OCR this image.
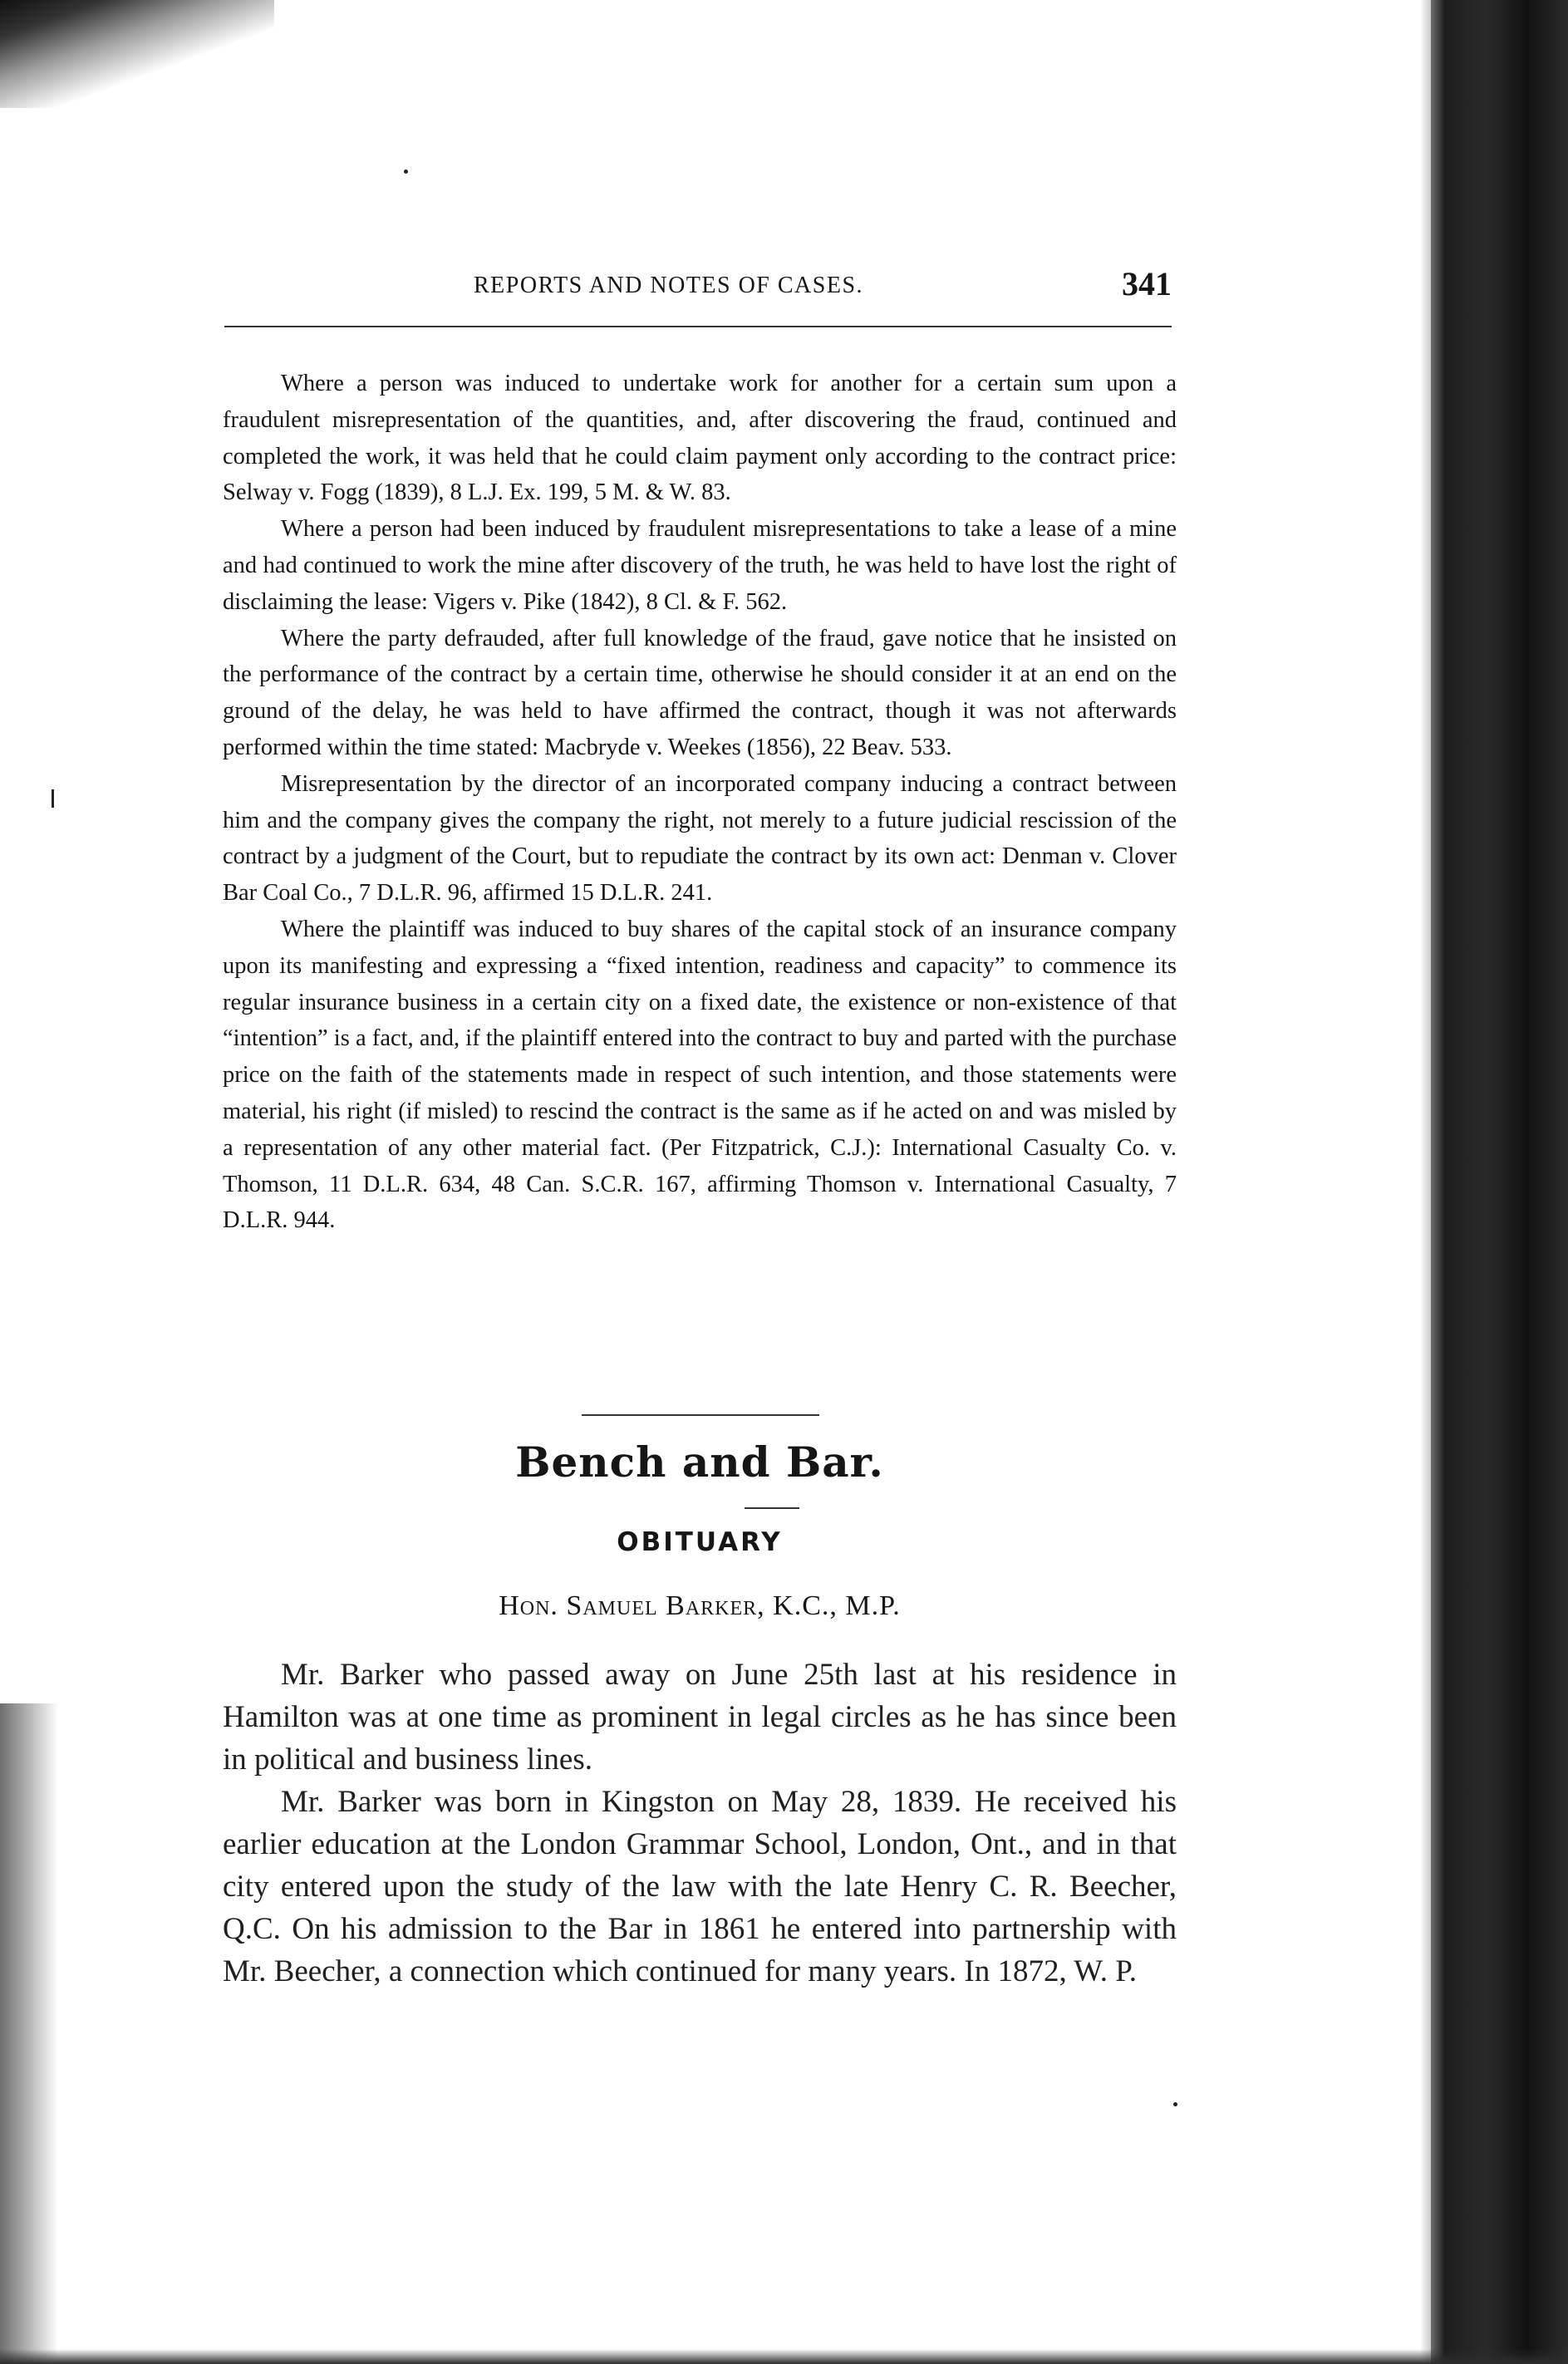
REPORTS AND NOTES OF CASES.	341

Where a person was induced to undertake work for another for a certain sum upon a fraudulent misrepresentation of the quantities, and, after discovering the fraud, continued and completed the work, it was held that he could claim payment only according to the contract price: Selway v. Fogg (1839), 8 L.J. Ex. 199, 5 M. & W. 83.

Where a person had been induced by fraudulent misrepresentations to take a lease of a mine and had continued to work the mine after discovery of the truth, he was held to have lost the right of disclaiming the lease: Vigers v. Pike (1842), 8 Cl. & F. 562.

Where the party defrauded, after full knowledge of the fraud, gave notice that he insisted on the performance of the contract by a certain time, otherwise he should consider it at an end on the ground of the delay, he was held to have affirmed the contract, though it was not afterwards performed within the time stated: Macbryde v. Weekes (1856), 22 Beav. 533.

Misrepresentation by the director of an incorporated company inducing a contract between him and the company gives the company the right, not merely to a future judicial rescission of the contract by a judgment of the Court, but to repudiate the contract by its own act: Denman v. Clover Bar Coal Co., 7 D.L.R. 96, affirmed 15 D.L.R. 241.

Where the plaintiff was induced to buy shares of the capital stock of an insurance company upon its manifesting and expressing a “fixed intention, readiness and capacity” to commence its regular insurance business in a certain city on a fixed date, the existence or non-existence of that “intention” is a fact, and, if the plaintiff entered into the contract to buy and parted with the purchase price on the faith of the statements made in respect of such intention, and those statements were material, his right (if misled) to rescind the contract is the same as if he acted on and was misled by a representation of any other material fact. (Per Fitzpatrick, C.J.): International Casualty Co. v. Thomson, 11 D.L.R. 634, 48 Can. S.C.R. 167, affirming Thomson v. International Casualty, 7 D.L.R. 944.

Bench and Bar.
OBITUARY
Hon. Samuel Barker, K.C., M.P.

Mr. Barker who passed away on June 25th last at his residence in Hamilton was at one time as prominent in legal circles as he has since been in political and business lines.

Mr. Barker was born in Kingston on May 28, 1839. He received his earlier education at the London Grammar School, London, Ont., and in that city entered upon the study of the law with the late Henry C. R. Beecher, Q.C. On his admission to the Bar in 1861 he entered into partnership with Mr. Beecher, a connection which continued for many years. In 1872, W. P.
